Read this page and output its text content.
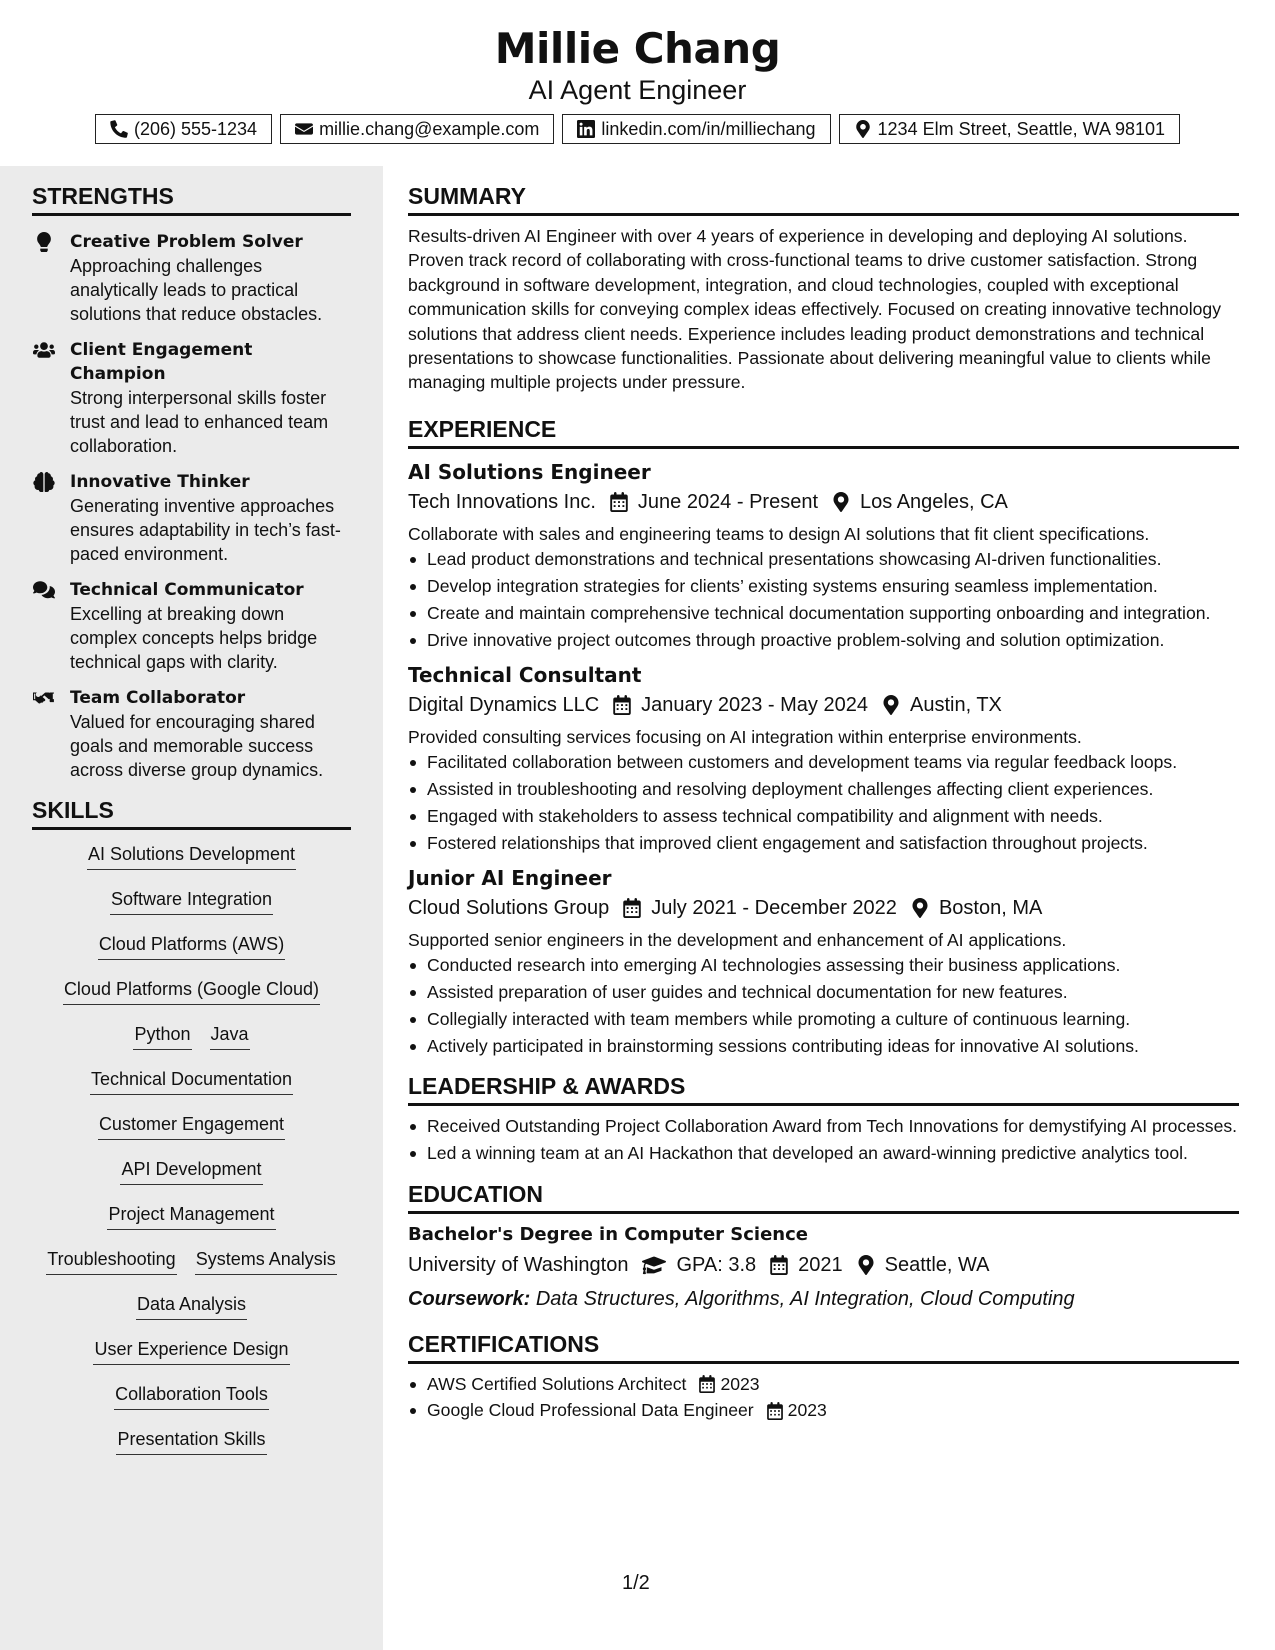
Millie Chang
AI Agent Engineer
(206) 555-1234	millie.chang@example.com	linkedin.com/in/milliechang	1234 Elm Street, Seattle, WA 98101
STRENGTHS
Creative Problem Solver
Approaching challenges analytically leads to practical solutions that reduce obstacles.
Client Engagement Champion
Strong interpersonal skills foster trust and lead to enhanced team collaboration.
Innovative Thinker
Generating inventive approaches ensures adaptability in tech’s fast-paced environment.
Technical Communicator
Excelling at breaking down complex concepts helps bridge technical gaps with clarity.
Team Collaborator
Valued for encouraging shared goals and memorable success across diverse group dynamics.
SKILLS
AI Solutions Development
Software Integration
Cloud Platforms (AWS)
Cloud Platforms (Google Cloud)
Python Java
Technical Documentation
Customer Engagement
API Development
Project Management
Troubleshooting Systems Analysis
Data Analysis
User Experience Design
Collaboration Tools
Presentation Skills
SUMMARY
Results-driven AI Engineer with over 4 years of experience in developing and deploying AI solutions. Proven track record of collaborating with cross-functional teams to drive customer satisfaction. Strong background in software development, integration, and cloud technologies, coupled with exceptional communication skills for conveying complex ideas effectively. Focused on creating innovative technology solutions that address client needs. Experience includes leading product demonstrations and technical presentations to showcase functionalities. Passionate about delivering meaningful value to clients while managing multiple projects under pressure.
EXPERIENCE
AI Solutions Engineer
Tech Innovations Inc. June 2024 - Present Los Angeles, CA
Collaborate with sales and engineering teams to design AI solutions that fit client specifications.
Lead product demonstrations and technical presentations showcasing AI-driven functionalities.
Develop integration strategies for clients’ existing systems ensuring seamless implementation.
Create and maintain comprehensive technical documentation supporting onboarding and integration.
Drive innovative project outcomes through proactive problem-solving and solution optimization.
Technical Consultant
Digital Dynamics LLC January 2023 - May 2024 Austin, TX
Provided consulting services focusing on AI integration within enterprise environments.
Facilitated collaboration between customers and development teams via regular feedback loops.
Assisted in troubleshooting and resolving deployment challenges affecting client experiences.
Engaged with stakeholders to assess technical compatibility and alignment with needs.
Fostered relationships that improved client engagement and satisfaction throughout projects.
Junior AI Engineer
Cloud Solutions Group July 2021 - December 2022 Boston, MA
Supported senior engineers in the development and enhancement of AI applications.
Conducted research into emerging AI technologies assessing their business applications.
Assisted preparation of user guides and technical documentation for new features.
Collegially interacted with team members while promoting a culture of continuous learning.
Actively participated in brainstorming sessions contributing ideas for innovative AI solutions.
LEADERSHIP & AWARDS
Received Outstanding Project Collaboration Award from Tech Innovations for demystifying AI processes.
Led a winning team at an AI Hackathon that developed an award-winning predictive analytics tool.
EDUCATION
Bachelor's Degree in Computer Science
University of Washington GPA: 3.8 2021 Seattle, WA
Coursework: Data Structures, Algorithms, AI Integration, Cloud Computing
CERTIFICATIONS
AWS Certified Solutions Architect 2023
Google Cloud Professional Data Engineer 2023
1/2
